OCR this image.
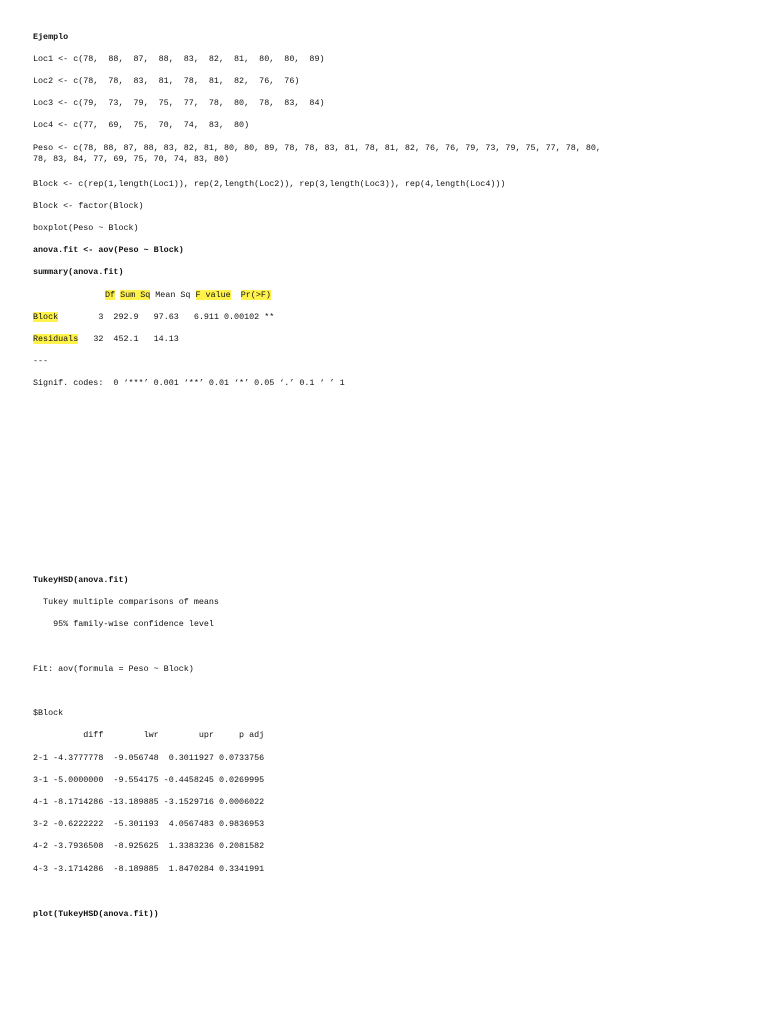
Ejemplo
Loc1 <- c(78,  88,  87,  88,  83,  82,  81,  80,  80,  89)
Loc2 <- c(78,  78,  83,  81,  78,  81,  82,  76,  76)
Loc3 <- c(79,  73,  79,  75,  77,  78,  80,  78,  83,  84)
Loc4 <- c(77,  69,  75,  70,  74,  83,  80)
Peso <- c(78, 88, 87, 88, 83, 82, 81, 80, 80, 89, 78, 78, 83, 81, 78, 81, 82, 76, 76, 79, 73, 79, 75, 77, 78, 80,
78, 83, 84, 77, 69, 75, 70, 74, 83, 80)
Block <- c(rep(1,length(Loc1)), rep(2,length(Loc2)), rep(3,length(Loc3)), rep(4,length(Loc4)))
Block <- factor(Block)
boxplot(Peso ~ Block)
anova.fit <- aov(Peso ~ Block)
summary(anova.fit)
Df Sum Sq Mean Sq F value Pr(>F)
Block	3  292.9   97.63   6.911 0.00102 **
Residuals 32  452.1   14.13
---
Signif. codes:  0 ‘***’ 0.001 ‘**’ 0.01 ‘*’ 0.05 ‘.’ 0.1 ‘ ’ 1
TukeyHSD(anova.fit)
Tukey multiple comparisons of means
95% family-wise confidence level
Fit: aov(formula = Peso ~ Block)
$Block
diff        lwr        upr     p adj
2-1 -4.3777778  -9.056748  0.3011927 0.0733756
3-1 -5.0000000  -9.554175 -0.4458245 0.0269995
4-1 -8.1714286 -13.189885 -3.1529716 0.0006022
3-2 -0.6222222  -5.301193  4.0567483 0.9836953
4-2 -3.7936508  -8.925625  1.3383236 0.2081582
4-3 -3.1714286  -8.189885  1.8470284 0.3341991
plot(TukeyHSD(anova.fit))
